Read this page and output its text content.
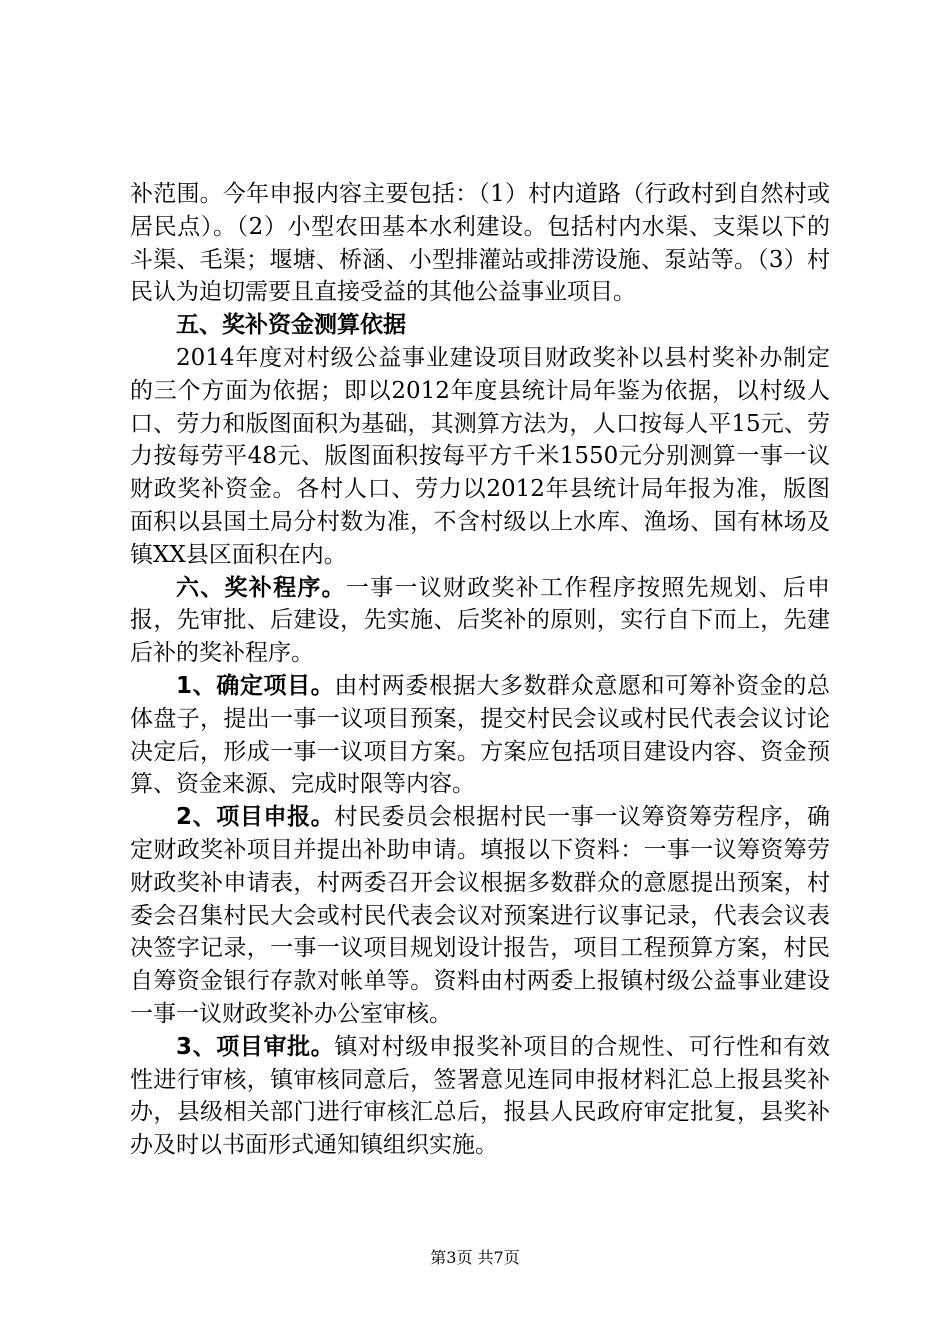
补范围。今年申报内容主要包括：（1）村内道路（行政村到自然村或居民点）。（2）小型农田基本水利建设。包括村内水渠、支渠以下的斗渠、毛渠；堰塘、桥涵、小型排灌站或排涝设施、泵站等。（3）村民认为迫切需要且直接受益的其他公益事业项目。

五、奖补资金测算依据

2014年度对村级公益事业建设项目财政奖补以县村奖补办制定的三个方面为依据；即以2012年度县统计局年鉴为依据，以村级人口、劳力和版图面积为基础，其测算方法为，人口按每人平15元、劳力按每劳平48元、版图面积按每平方千米1550元分别测算一事一议财政奖补资金。各村人口、劳力以2012年县统计局年报为准，版图面积以县国土局分村数为准，不含村级以上水库、渔场、国有林场及镇XX县区面积在内。

六、奖补程序。一事一议财政奖补工作程序按照先规划、后申报，先审批、后建设，先实施、后奖补的原则，实行自下而上，先建后补的奖补程序。

1、确定项目。由村两委根据大多数群众意愿和可筹补资金的总体盘子，提出一事一议项目预案，提交村民会议或村民代表会议讨论决定后，形成一事一议项目方案。方案应包括项目建设内容、资金预算、资金来源、完成时限等内容。

2、项目申报。村民委员会根据村民一事一议筹资筹劳程序，确定财政奖补项目并提出补助申请。填报以下资料：一事一议筹资筹劳财政奖补申请表，村两委召开会议根据多数群众的意愿提出预案，村委会召集村民大会或村民代表会议对预案进行议事记录，代表会议表决签字记录，一事一议项目规划设计报告，项目工程预算方案，村民自筹资金银行存款对帐单等。资料由村两委上报镇村级公益事业建设一事一议财政奖补办公室审核。

3、项目审批。镇对村级申报奖补项目的合规性、可行性和有效性进行审核，镇审核同意后，签署意见连同申报材料汇总上报县奖补办，县级相关部门进行审核汇总后，报县人民政府审定批复，县奖补办及时以书面形式通知镇组织实施。

第3页 共7页
